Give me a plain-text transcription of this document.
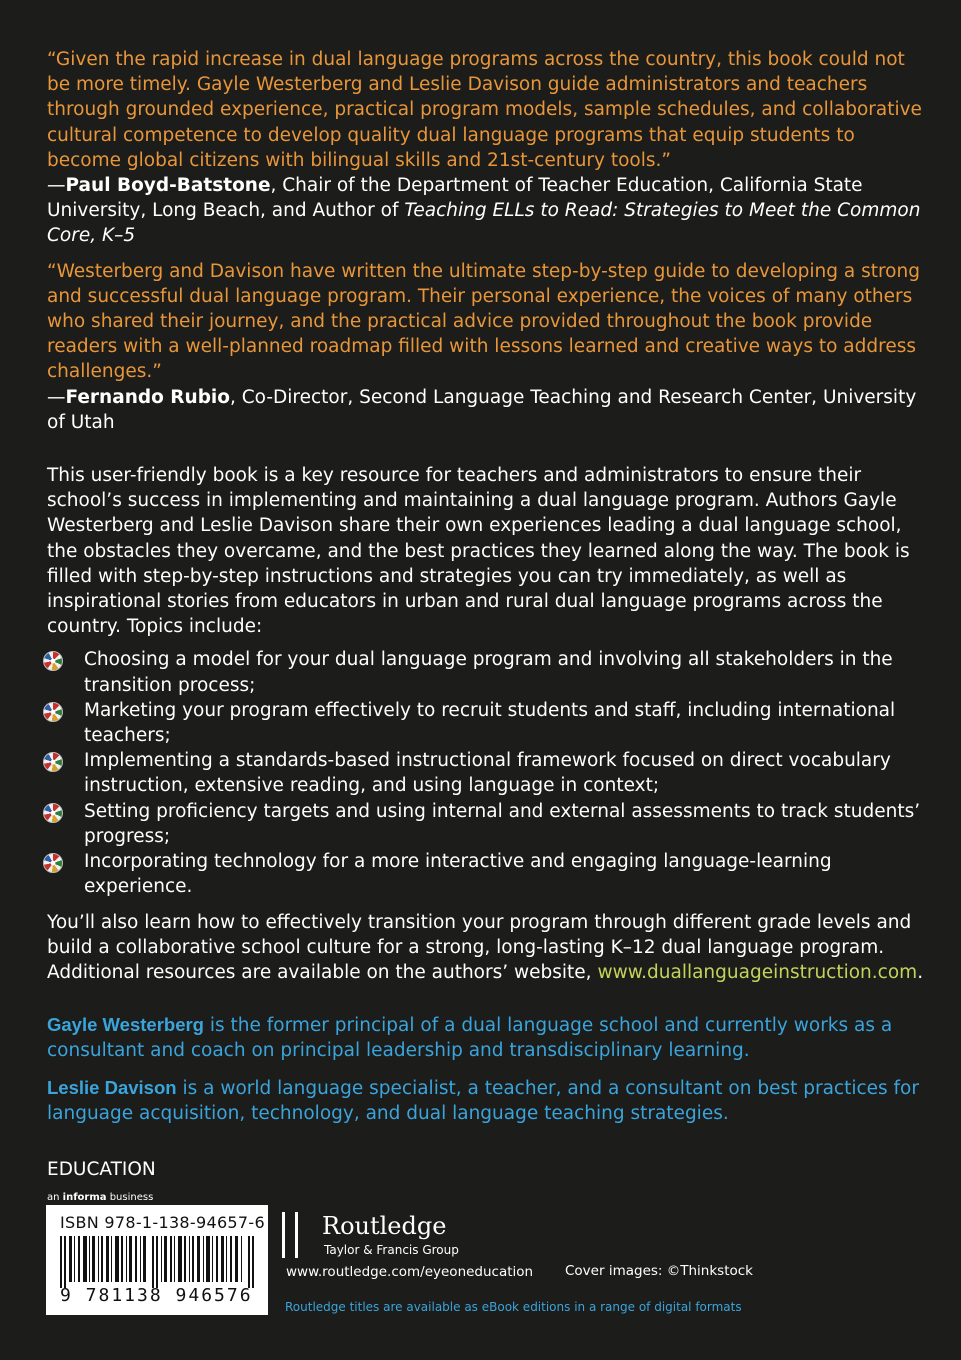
“Given the rapid increase in dual language programs across the country, this book could not be more timely. Gayle Westerberg and Leslie Davison guide administrators and teachers through grounded experience, practical program models, sample schedules, and collaborative cultural competence to develop quality dual language programs that equip students to become global citizens with bilingual skills and 21st-century tools.”
—Paul Boyd-Batstone, Chair of the Department of Teacher Education, California State University, Long Beach, and Author of Teaching ELLs to Read: Strategies to Meet the Common Core, K–5

“Westerberg and Davison have written the ultimate step-by-step guide to developing a strong and successful dual language program. Their personal experience, the voices of many others who shared their journey, and the practical advice provided throughout the book provide readers with a well-planned roadmap filled with lessons learned and creative ways to address challenges.”
—Fernando Rubio, Co-Director, Second Language Teaching and Research Center, University of Utah

This user-friendly book is a key resource for teachers and administrators to ensure their school’s success in implementing and maintaining a dual language program. Authors Gayle Westerberg and Leslie Davison share their own experiences leading a dual language school, the obstacles they overcame, and the best practices they learned along the way. The book is filled with step-by-step instructions and strategies you can try immediately, as well as inspirational stories from educators in urban and rural dual language programs across the country. Topics include:

Choosing a model for your dual language program and involving all stakeholders in the transition process;
Marketing your program effectively to recruit students and staff, including international teachers;
Implementing a standards-based instructional framework focused on direct vocabulary instruction, extensive reading, and using language in context;
Setting proficiency targets and using internal and external assessments to track students’ progress;
Incorporating technology for a more interactive and engaging language-learning experience.

You’ll also learn how to effectively transition your program through different grade levels and build a collaborative school culture for a strong, long-lasting K–12 dual language program. Additional resources are available on the authors’ website, www.duallanguageinstruction.com.

Gayle Westerberg is the former principal of a dual language school and currently works as a consultant and coach on principal leadership and transdisciplinary learning.

Leslie Davison is a world language specialist, a teacher, and a consultant on best practices for language acquisition, technology, and dual language teaching strategies.

EDUCATION
an informa business
ISBN 978-1-138-94657-6
9 781138 946576
Routledge
Taylor & Francis Group
www.routledge.com/eyeoneducation Cover images: ©Thinkstock
Routledge titles are available as eBook editions in a range of digital formats
